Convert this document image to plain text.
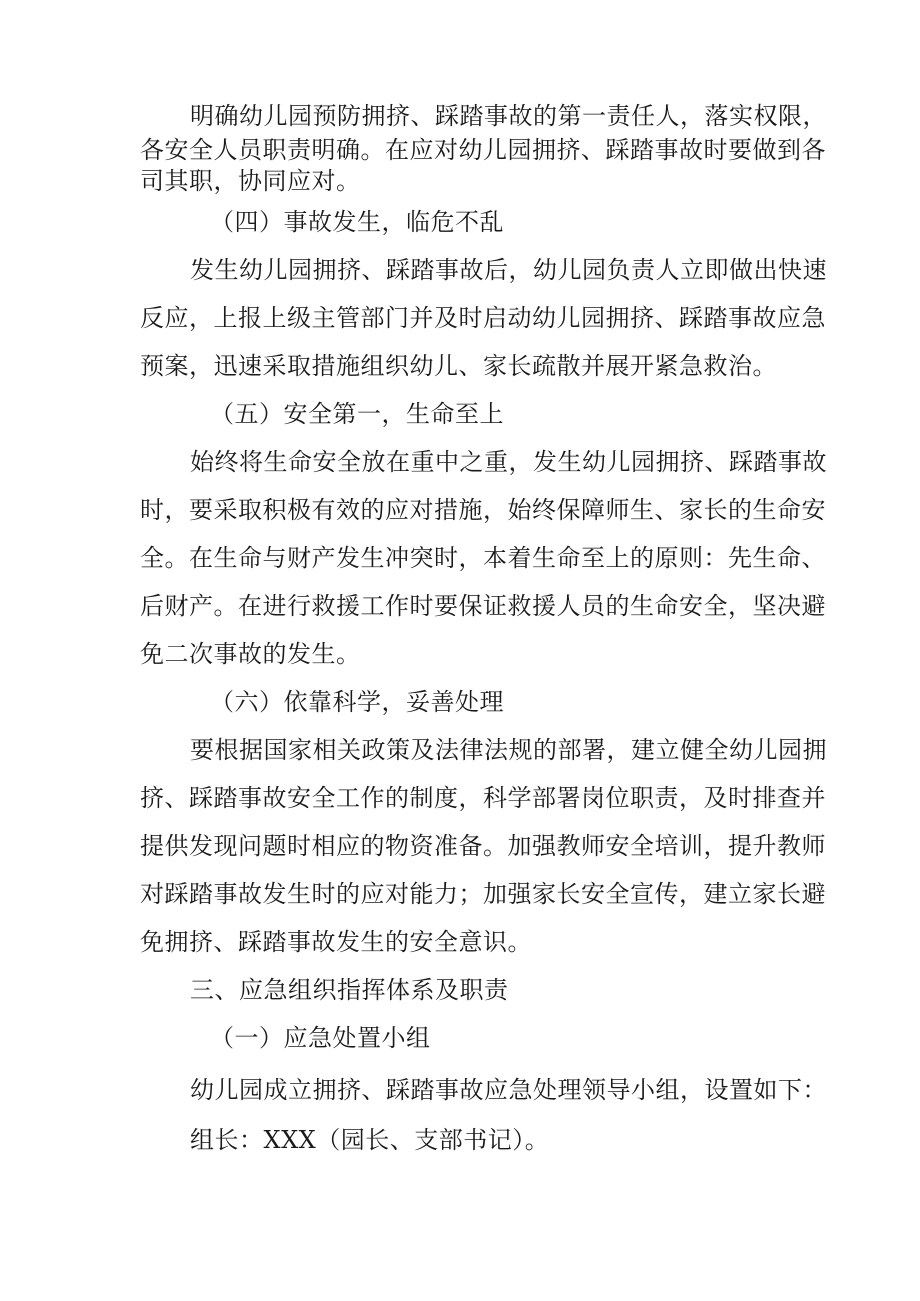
明确幼儿园预防拥挤、踩踏事故的第一责任人，落实权限，
各安全人员职责明确。在应对幼儿园拥挤、踩踏事故时要做到各
司其职，协同应对。
（四）事故发生，临危不乱
发生幼儿园拥挤、踩踏事故后，幼儿园负责人立即做出快速
反应，上报上级主管部门并及时启动幼儿园拥挤、踩踏事故应急
预案，迅速采取措施组织幼儿、家长疏散并展开紧急救治。
（五）安全第一，生命至上
始终将生命安全放在重中之重，发生幼儿园拥挤、踩踏事故
时，要采取积极有效的应对措施，始终保障师生、家长的生命安
全。在生命与财产发生冲突时，本着生命至上的原则：先生命、
后财产。在进行救援工作时要保证救援人员的生命安全，坚决避
免二次事故的发生。
（六）依靠科学，妥善处理
要根据国家相关政策及法律法规的部署，建立健全幼儿园拥
挤、踩踏事故安全工作的制度，科学部署岗位职责，及时排查并
提供发现问题时相应的物资准备。加强教师安全培训，提升教师
对踩踏事故发生时的应对能力；加强家长安全宣传，建立家长避
免拥挤、踩踏事故发生的安全意识。
三、应急组织指挥体系及职责
（一）应急处置小组
幼儿园成立拥挤、踩踏事故应急处理领导小组，设置如下：
组长：XXX（园长、支部书记）。
